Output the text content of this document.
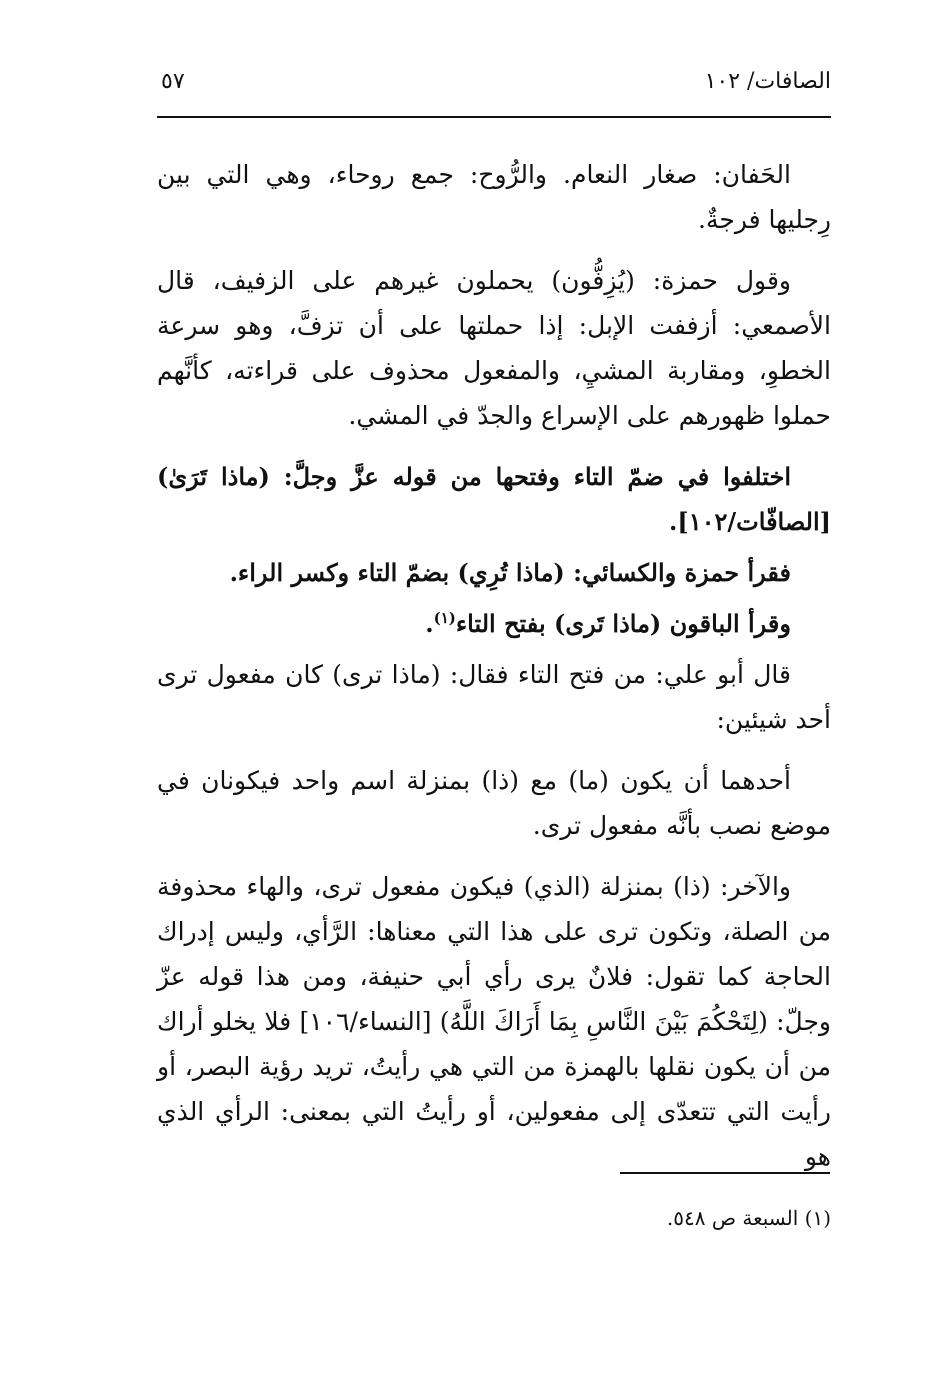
الصافات/ ١٠٢
٥٧

الحَفان: صغار النعام. والرُّوح: جمع روحاء، وهي التي بين رِجليها فرجةٌ.

وقول حمزة: (يُزِفُّون) يحملون غيرهم على الزفيف، قال الأصمعي: أزففت الإبل: إذا حملتها على أن تزفَّ، وهو سرعة الخطوِ، ومقاربة المشيِ، والمفعول محذوف على قراءته، كأنَّهم حملوا ظهورهم على الإسراع والجدّ في المشي.

اختلفوا في ضمّ التاء وفتحها من قوله عزَّ وجلَّ: (ماذا تَرَىٰ) [الصافّات/١٠٢].

فقرأ حمزة والكسائي: (ماذا تُرِي) بضمّ التاء وكسر الراء.

وقرأ الباقون (ماذا تَرى) بفتح التاء$^{(١)}$.

قال أبو علي: من فتح التاء فقال: (ماذا ترى) كان مفعول ترى أحد شيئين:

أحدهما أن يكون (ما) مع (ذا) بمنزلة اسم واحد فيكونان في موضع نصب بأنَّه مفعول ترى.

والآخر: (ذا) بمنزلة (الذي) فيكون مفعول ترى، والهاء محذوفة من الصلة، وتكون ترى على هذا التي معناها: الرَّأي، وليس إدراك الحاجة كما تقول: فلانٌ يرى رأي أبي حنيفة، ومن هذا قوله عزّ وجلّ: (لِتَحْكُمَ بَيْنَ النَّاسِ بِمَا أَرَاكَ اللَّهُ) [النساء/١٠٦] فلا يخلو أراك من أن يكون نقلها بالهمزة من التي هي رأيتُ، تريد رؤية البصر، أو رأيت التي تتعدّى إلى مفعولين، أو رأيتُ التي بمعنى: الرأي الذي هو

(١) السبعة ص ٥٤٨.
